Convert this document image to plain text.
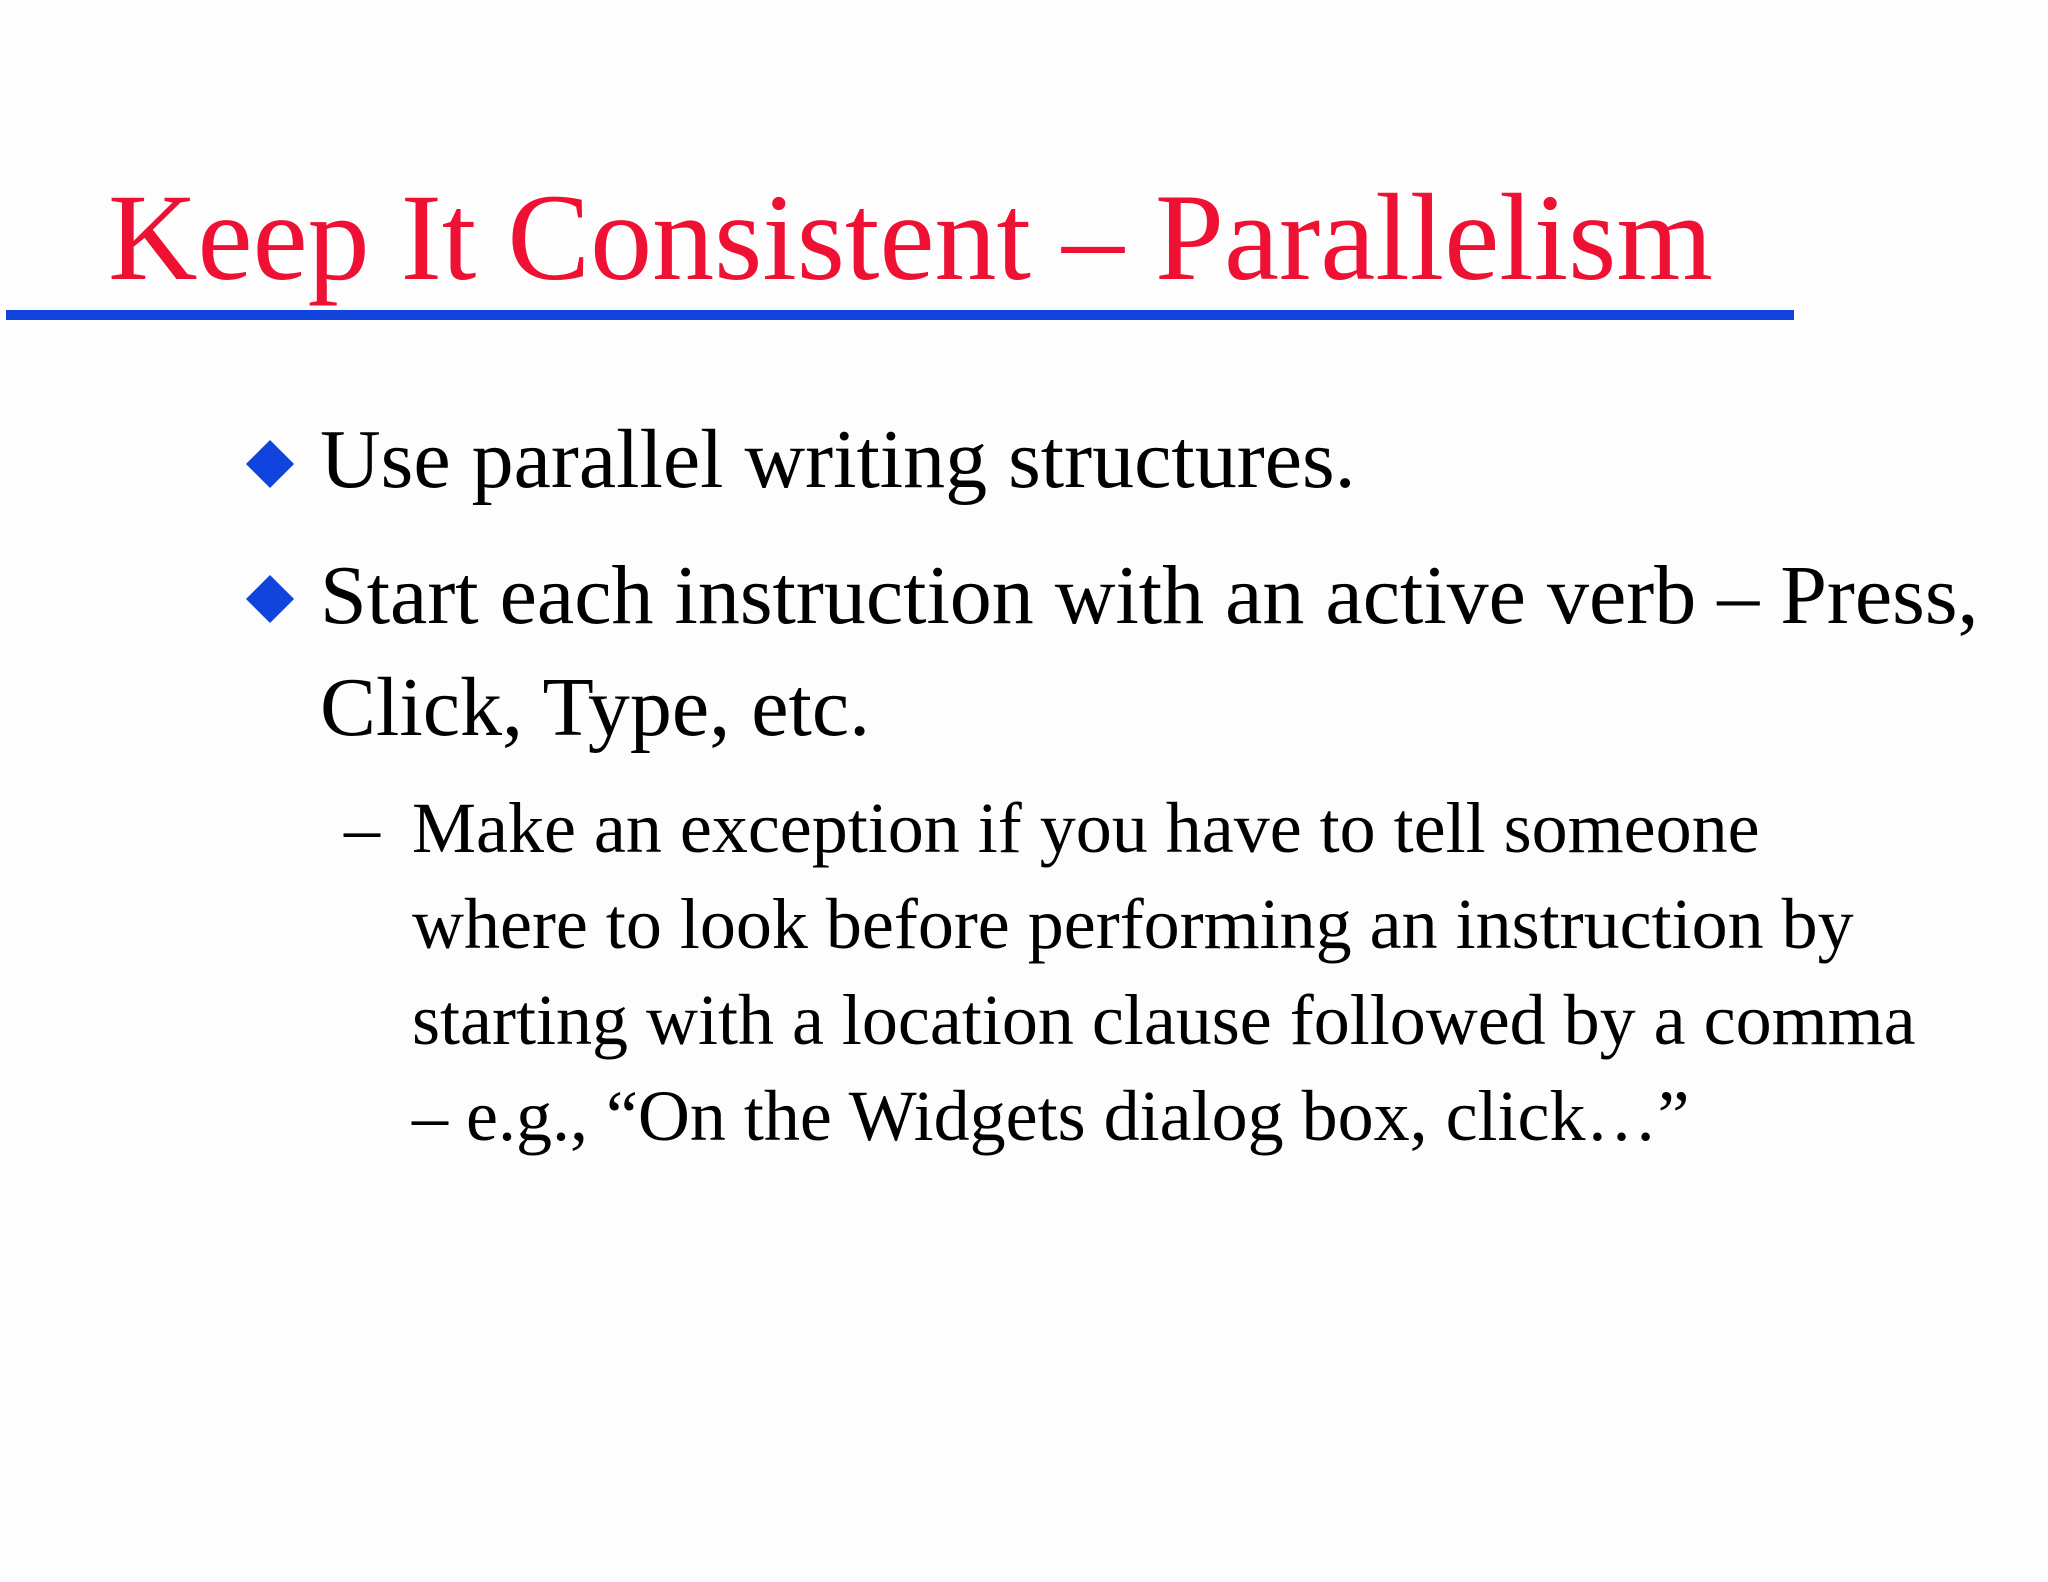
Keep It Consistent – Parallelism

Use parallel writing structures.

Start each instruction with an active verb – Press, Click, Type, etc.

– Make an exception if you have to tell someone where to look before performing an instruction by starting with a location clause followed by a comma – e.g., “On the Widgets dialog box, click…”
